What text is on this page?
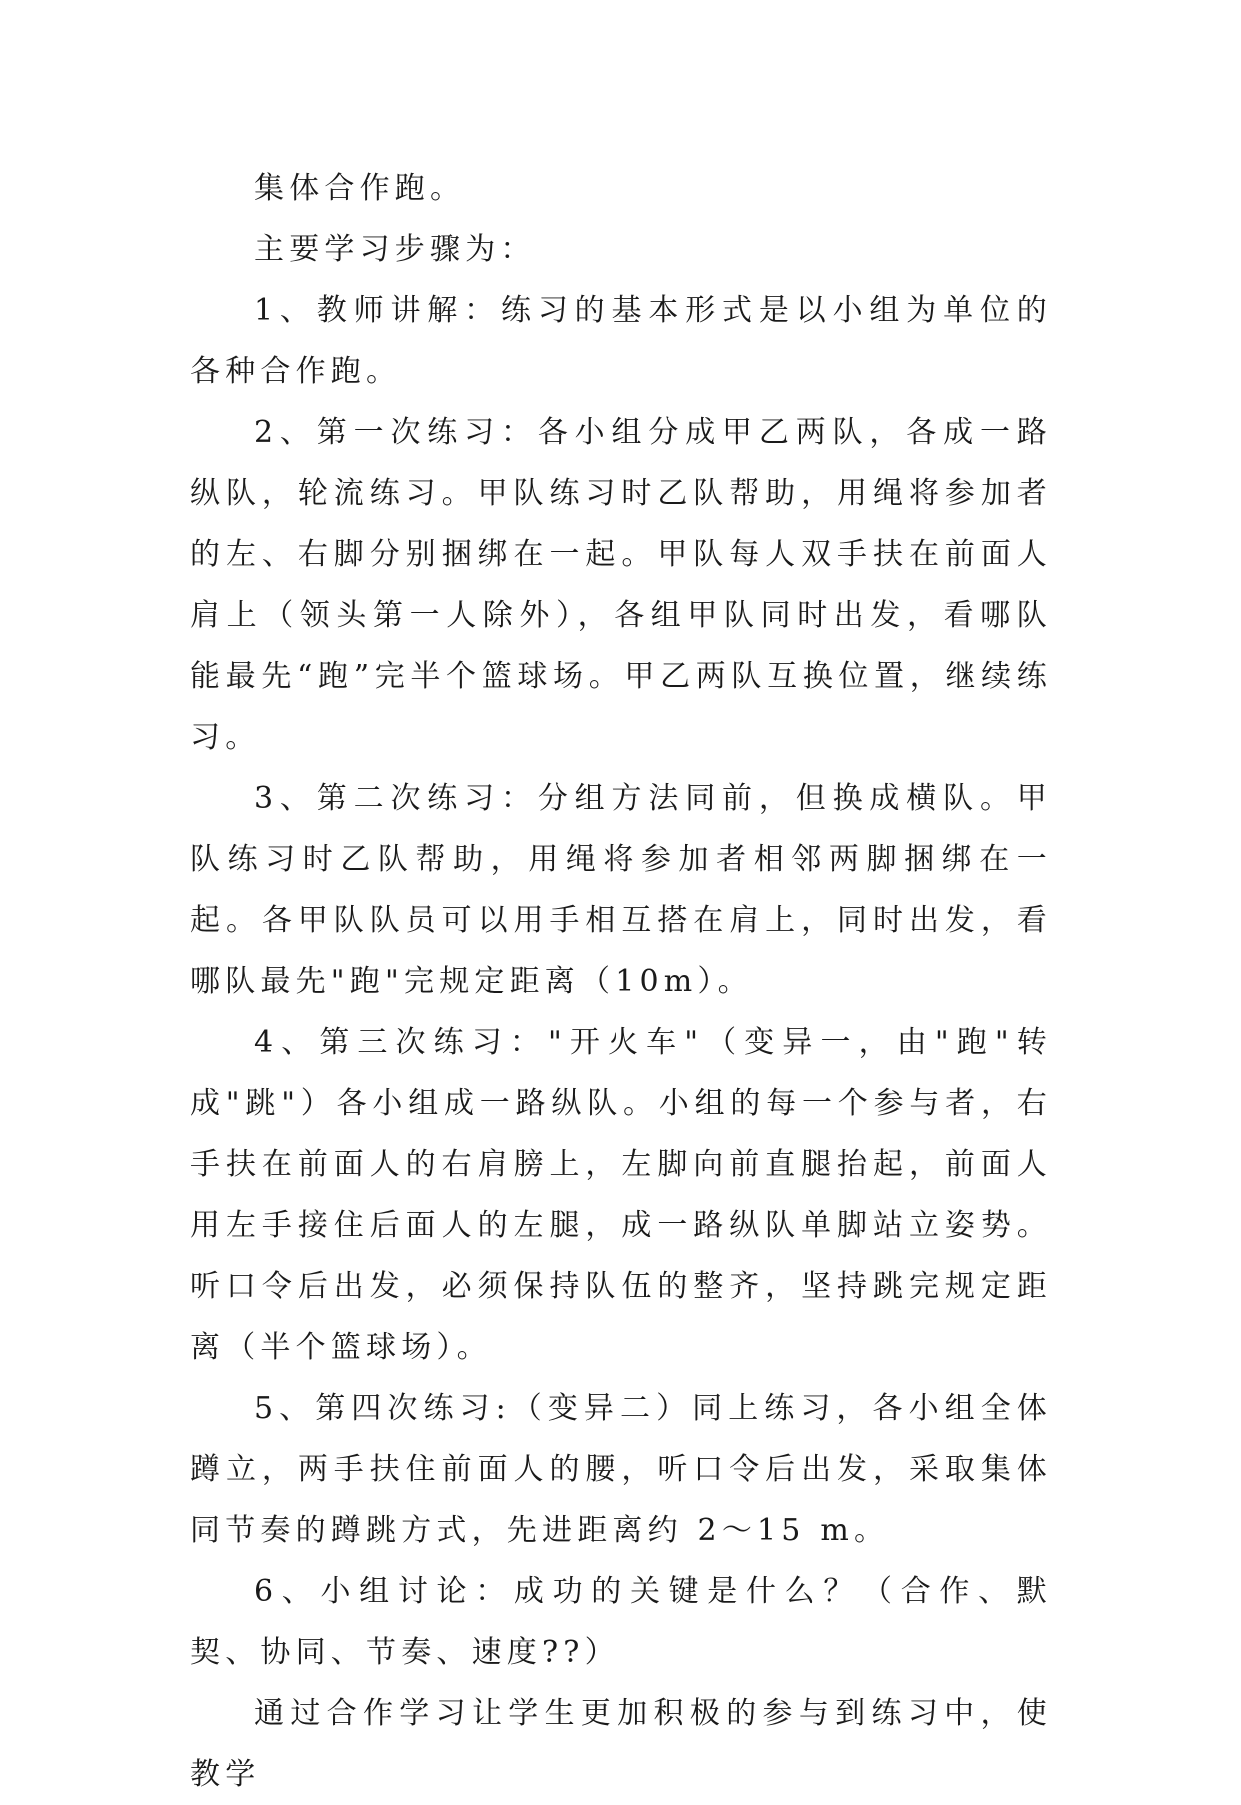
集体合作跑。

主要学习步骤为：

1、教师讲解：练习的基本形式是以小组为单位的各种合作跑。

2、第一次练习：各小组分成甲乙两队，各成一路纵队，轮流练习。甲队练习时乙队帮助，用绳将参加者的左、右脚分别捆绑在一起。甲队每人双手扶在前面人肩上（领头第一人除外），各组甲队同时出发，看哪队能最先“跑”完半个篮球场。甲乙两队互换位置，继续练习。

3、第二次练习：分组方法同前，但换成横队。甲队练习时乙队帮助，用绳将参加者相邻两脚捆绑在一起。各甲队队员可以用手相互搭在肩上，同时出发，看哪队最先"跑"完规定距离（10m）。

4、第三次练习："开火车"（变异一，由"跑"转成"跳"）各小组成一路纵队。小组的每一个参与者，右手扶在前面人的右肩膀上，左脚向前直腿抬起，前面人用左手接住后面人的左腿，成一路纵队单脚站立姿势。听口令后出发，必须保持队伍的整齐，坚持跳完规定距离（半个篮球场）。

5、第四次练习:（变异二）同上练习，各小组全体蹲立，两手扶住前面人的腰，听口令后出发，采取集体同节奏的蹲跳方式，先进距离约 2～15 m。

6、小组讨论：成功的关键是什么？（合作、默契、协同、节奏、速度??）

通过合作学习让学生更加积极的参与到练习中，使教学
